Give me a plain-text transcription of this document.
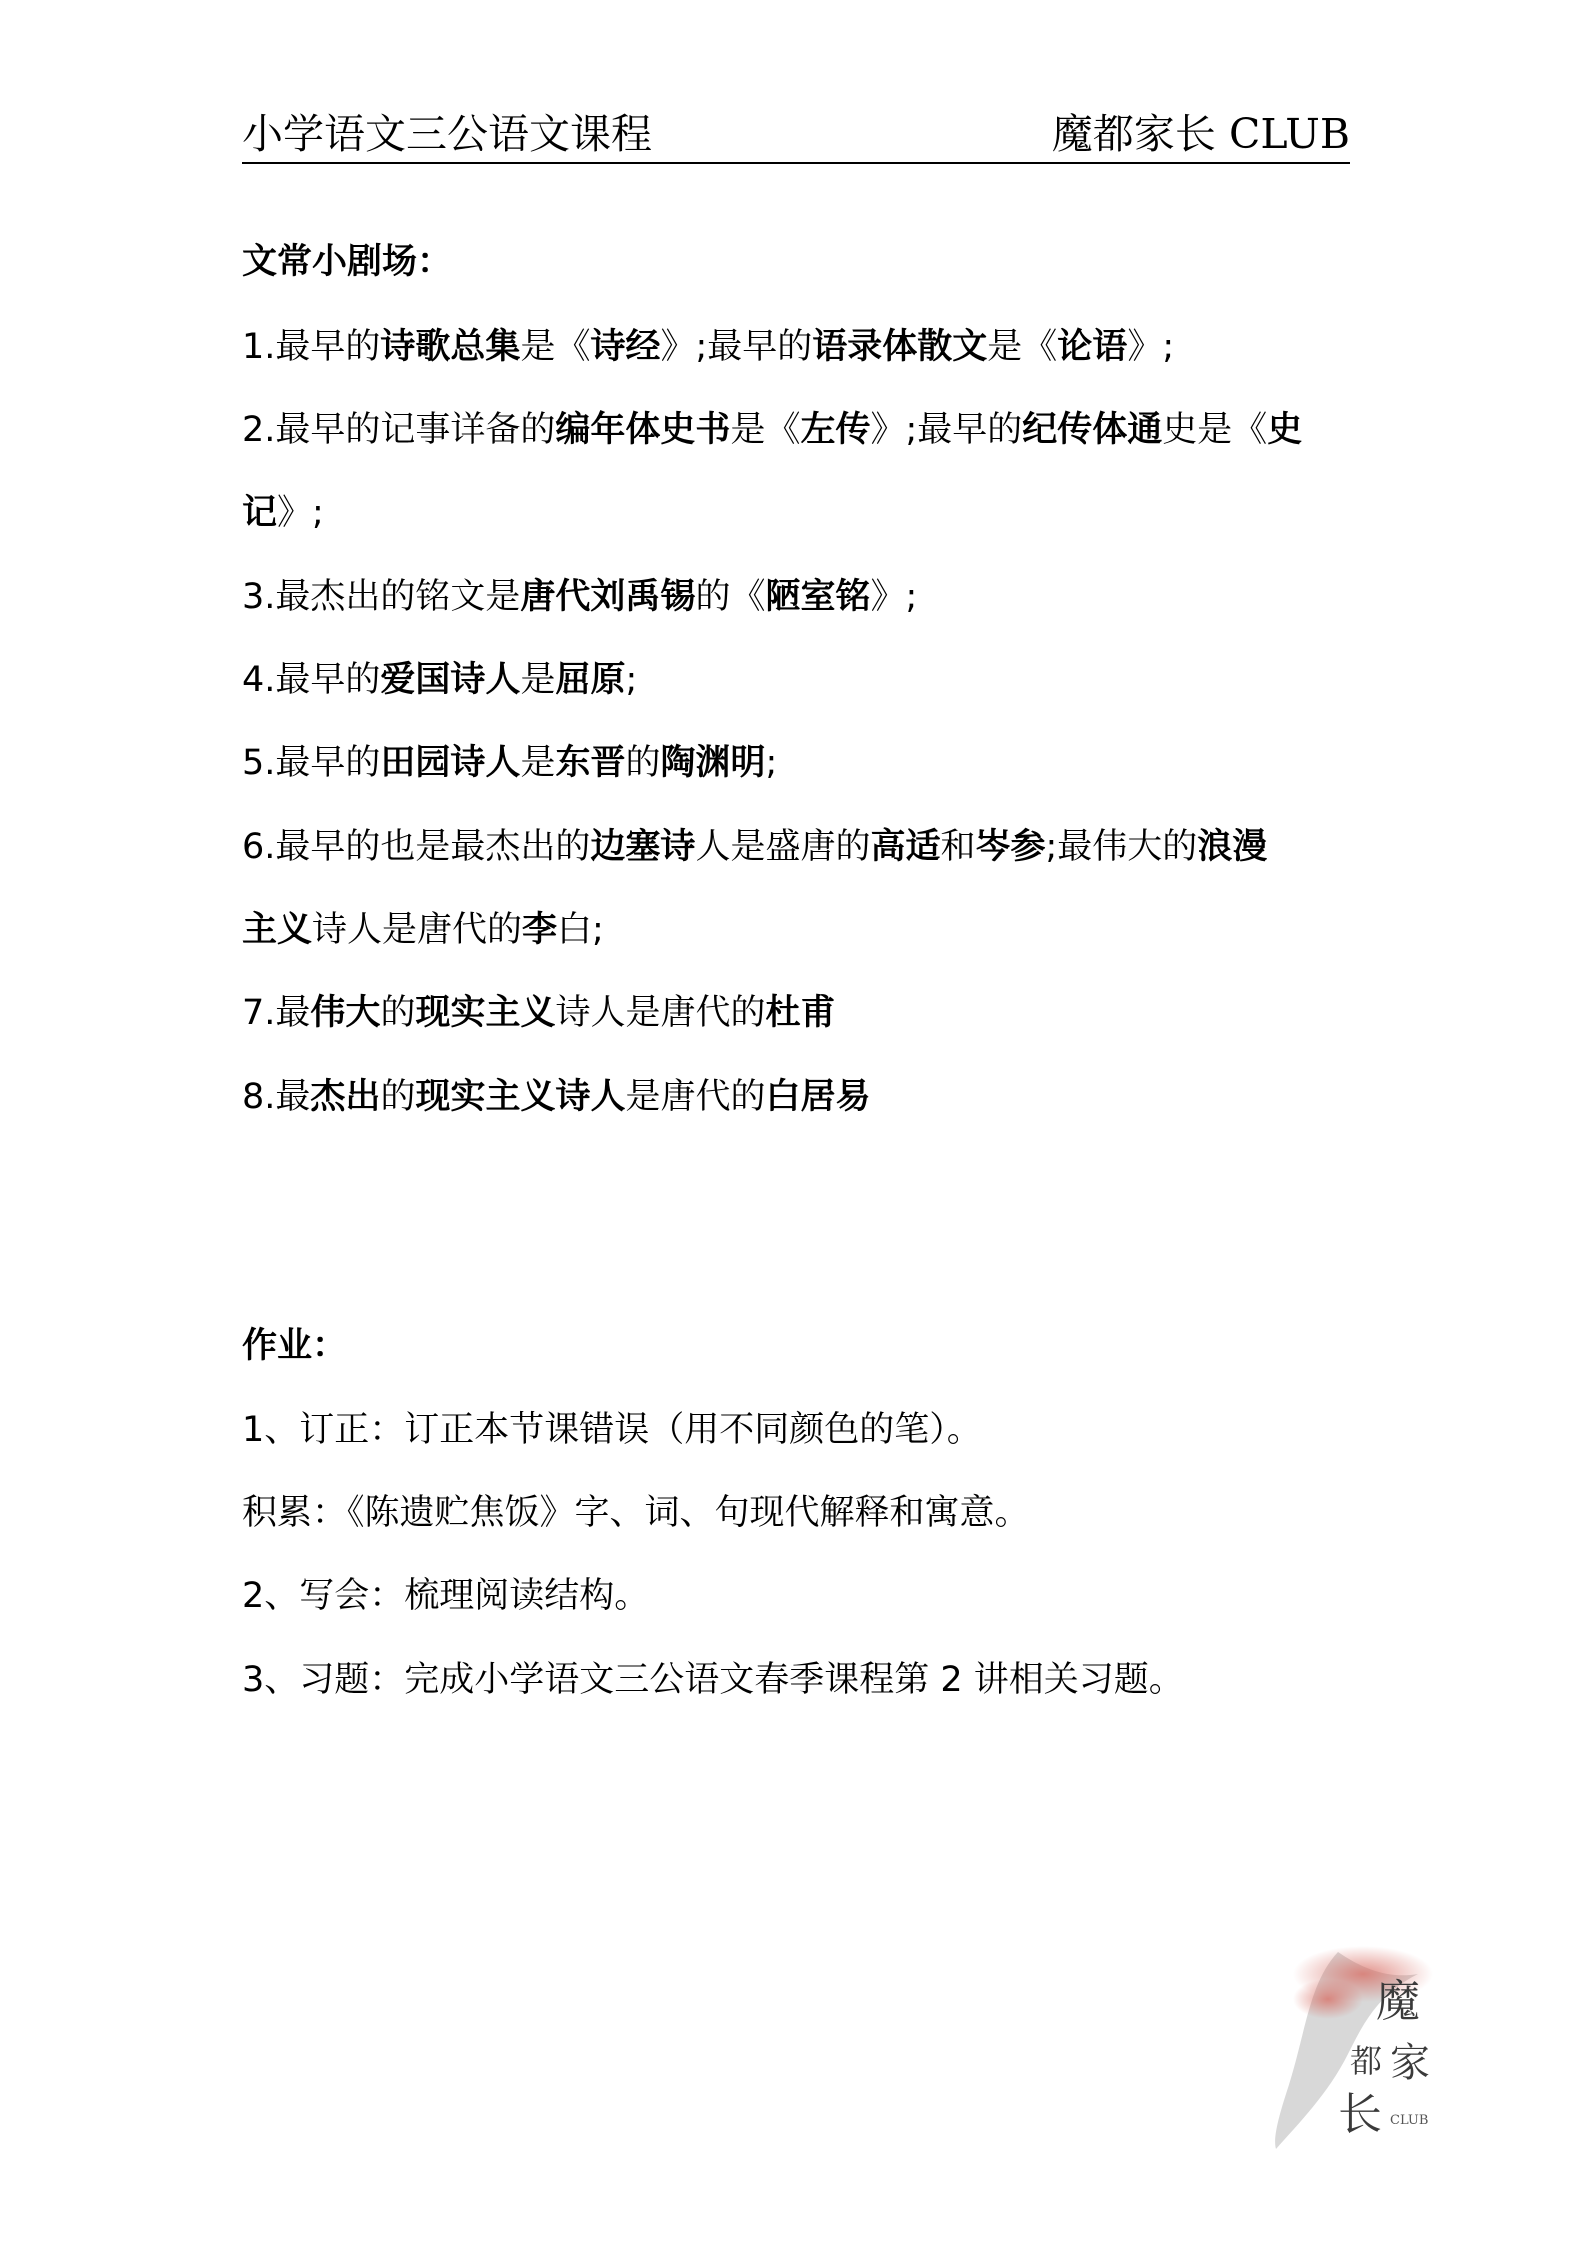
小学语文三公语文课程	魔都家长 CLUB
文常小剧场：
1.最早的诗歌总集是《诗经》;最早的语录体散文是《论语》;
2.最早的记事详备的编年体史书是《左传》;最早的纪传体通史是《史
记》;
3.最杰出的铭文是唐代刘禹锡的《陋室铭》;
4.最早的爱国诗人是屈原;
5.最早的田园诗人是东晋的陶渊明;
6.最早的也是最杰出的边塞诗人是盛唐的高适和岑参;最伟大的浪漫
主义诗人是唐代的李白;
7.最伟大的现实主义诗人是唐代的杜甫
8.最杰出的现实主义诗人是唐代的白居易
作业：
1、订正：订正本节课错误（用不同颜色的笔）。
积累：《陈遗贮焦饭》字、词、句现代解释和寓意。
2、写会：梳理阅读结构。
3、习题：完成小学语文三公语文春季课程第 2 讲相关习题。
魔
都 家
长 CLUB
